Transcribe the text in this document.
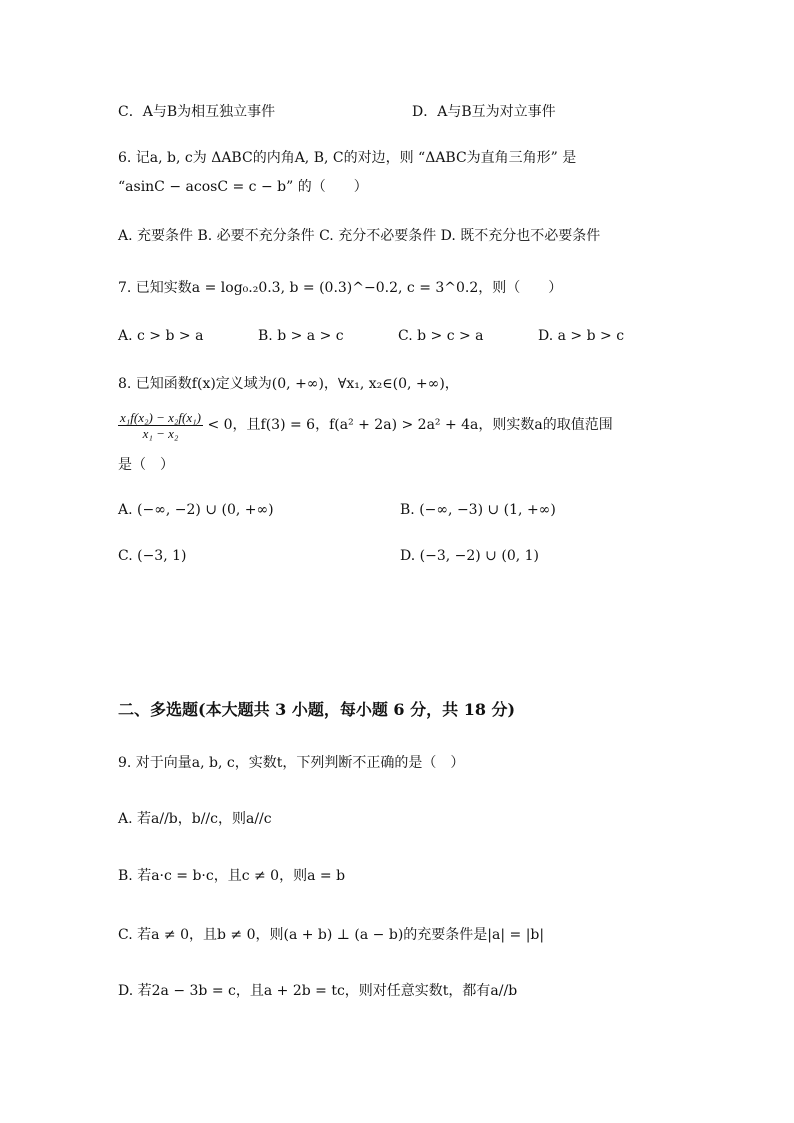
C．A与B为相互独立事件	D．A与B互为对立事件
6. 记a, b, c为 ΔABC的内角A, B, C的对边，则 “ΔABC为直角三角形” 是
“asinC − acosC = c − b” 的（　　）
A. 充要条件 B. 必要不充分条件 C. 充分不必要条件 D. 既不充分也不必要条件
7. 已知实数a = log₀.₂0.3, b = (0.3)^−0.2, c = 3^0.2，则（　　）
A. c > b > a	B. b > a > c	C. b > c > a	D. a > b > c
8. 已知函数f(x)定义域为(0, +∞)，∀x₁, x₂∈(0, +∞)，
$\frac{\text{x₁f(x₂) − x₂f(x₁)}}{\text{x₁ − x₂}} < 0$，且f(3) = 6，f(a² + 2a) > 2a² + 4a，则实数a的取值范围
是（　）
A. (−∞, −2) ∪ (0, +∞)	B. (−∞, −3) ∪ (1, +∞)
C. (−3, 1)	D. (−3, −2) ∪ (0, 1)
二、多选题(本大题共 3 小题，每小题 6 分，共 18 分)
9. 对于向量a, b, c，实数t，下列判断不正确的是（　）
A. 若a//b，b//c，则a//c
B. 若a·c = b·c，且c ≠ 0，则a = b
C. 若a ≠ 0，且b ≠ 0，则(a + b) ⊥ (a − b)的充要条件是|a| = |b|
D. 若2a − 3b = c，且a + 2b = tc，则对任意实数t，都有a//b
